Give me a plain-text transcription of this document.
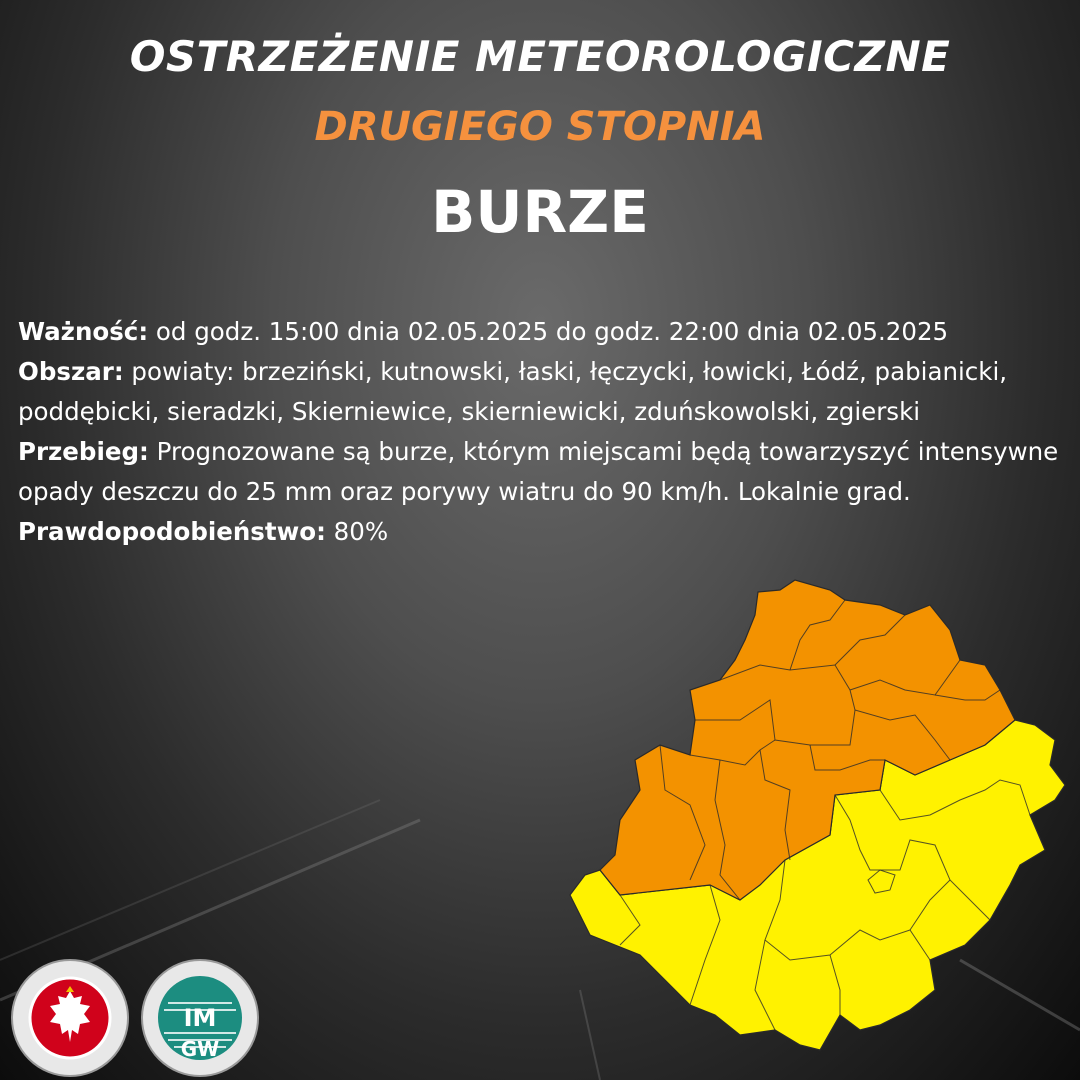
OSTRZEŻENIE METEOROLOGICZNE
DRUGIEGO STOPNIA
BURZE

Ważność: od godz. 15:00 dnia 02.05.2025 do godz. 22:00 dnia 02.05.2025

Obszar: powiaty: brzeziński, kutnowski, łaski, łęczycki, łowicki, Łódź, pabianicki, poddębicki, sieradzki, Skierniewice, skierniewicki, zduńskowolski, zgierski

Przebieg: Prognozowane są burze, którym miejscami będą towarzyszyć intensywne opady deszczu do 25 mm oraz porywy wiatru do 90 km/h. Lokalnie grad.

Prawdopodobieństwo: 80%

IM
GW
